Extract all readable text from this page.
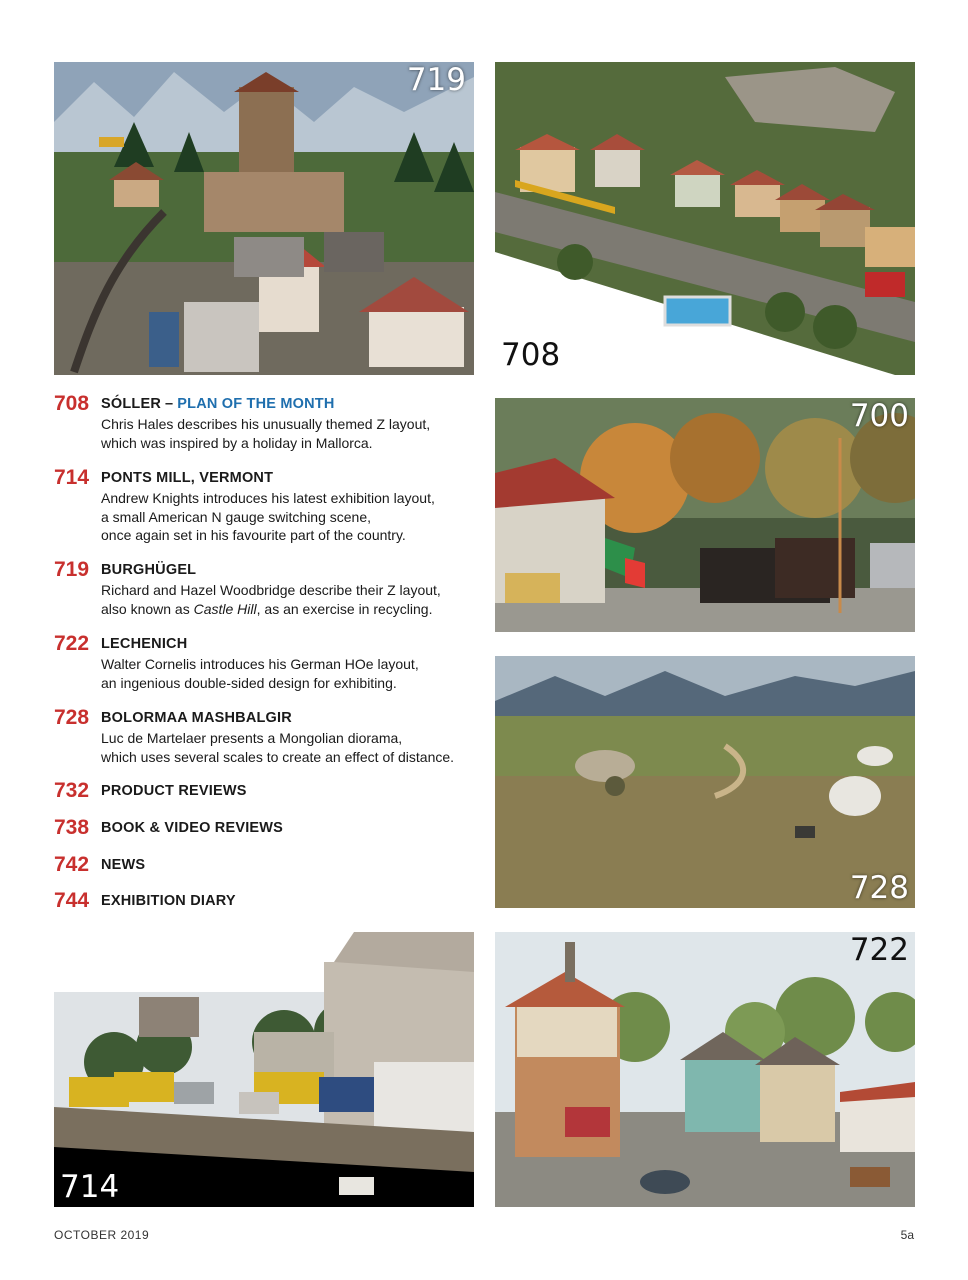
719
708
700
728
714
722
708 SÓLLER – PLAN OF THE MONTH
Chris Hales describes his unusually themed Z layout,
which was inspired by a holiday in Mallorca.
714 PONTS MILL, VERMONT
Andrew Knights introduces his latest exhibition layout,
a small American N gauge switching scene,
once again set in his favourite part of the country.
719 BURGHÜGEL
Richard and Hazel Woodbridge describe their Z layout,
also known as Castle Hill, as an exercise in recycling.
722 LECHENICH
Walter Cornelis introduces his German HOe layout,
an ingenious double-sided design for exhibiting.
728 BOLORMAA MASHBALGIR
Luc de Martelaer presents a Mongolian diorama,
which uses several scales to create an effect of distance.
732 PRODUCT REVIEWS
738 BOOK & VIDEO REVIEWS
742 NEWS
744 EXHIBITION DIARY
OCTOBER 2019	5a
